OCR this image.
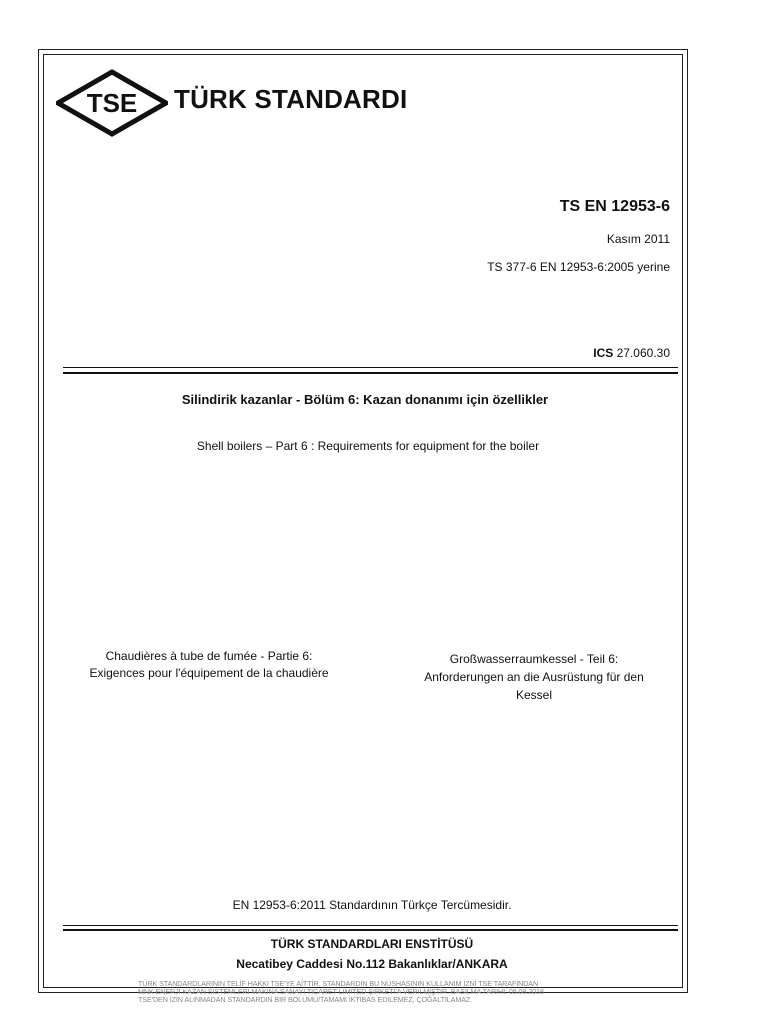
TSE TÜRK STANDARDI
TS EN 12953-6
Kasım 2011
TS 377-6 EN 12953-6:2005 yerine
ICS 27.060.30
Silindirik kazanlar - Bölüm 6: Kazan donanımı için özellikler
Shell boilers – Part 6 : Requirements for equipment for the boiler
Chaudières à tube de fumée - Partie 6:
Exigences pour l'équipement de la chaudière
Großwasserraumkessel - Teil 6:
Anforderungen an die Ausrüstung für den
Kessel
EN 12953-6:2011 Standardının Türkçe Tercümesidir.
TÜRK STANDARDLARI ENSTİTÜSÜ
Necatibey Caddesi No.112 Bakanlıklar/ANKARA
TÜRK STANDARDLARININ TELİF HAKKI TSE'YE AİTTİR. STANDARDIN BU NÜSHASININ KULLANIM İZNİ TSE TARAFINDAN
MNK ENERJİ KAZAN SİSTEMLERİ MAKİNA SANAYİ TİCARET LİMİTED ŞİRKETİ'A VERİLMİŞTİR. BASILMA TARİHİ: 05.08.2018
TSE'DEN İZİN ALINMADAN STANDARDIN BİR BÖLÜMÜ/TAMAMI İKTİBAS EDİLEMEZ, ÇOĞALTILAMAZ.
